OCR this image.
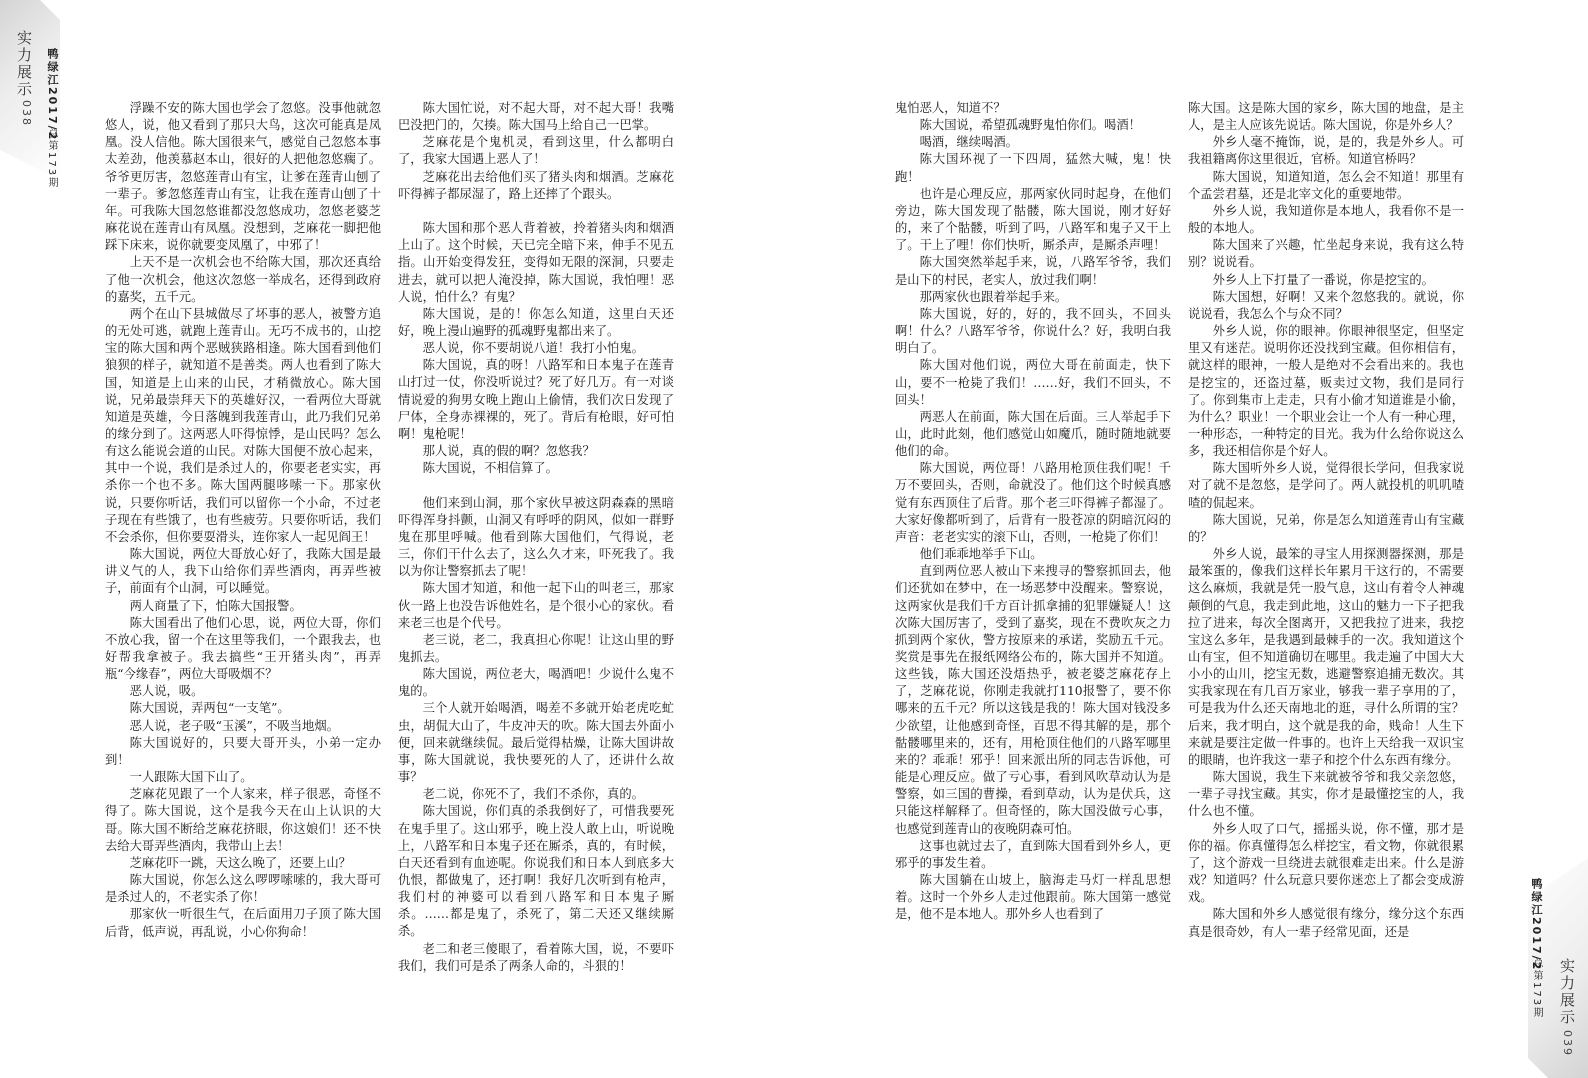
实力展示
038 鸭绿江2017/2
总第173期

浮躁不安的陈大国也学会了忽悠。没事他就忽悠人，说，他又看到了那只大鸟，这次可能真是凤凰。没人信他。陈大国很来气，感觉自己忽悠本事太差劲，他羡慕赵本山，很好的人把他忽悠瘸了。爷爷更厉害，忽悠莲青山有宝，让爹在莲青山刨了一辈子。爹忽悠莲青山有宝，让我在莲青山刨了十年。可我陈大国忽悠谁都没忽悠成功，忽悠老婆芝麻花说在莲青山有凤凰。没想到，芝麻花一脚把他踩下床来，说你就要变凤凰了，中邪了！

上天不是一次机会也不给陈大国，那次还真给了他一次机会，他这次忽悠一举成名，还得到政府的嘉奖，五千元。

两个在山下县城做尽了坏事的恶人，被警方追的无处可逃，就跑上莲青山。无巧不成书的，山挖宝的陈大国和两个恶贼狭路相逢。陈大国看到他们狼狈的样子，就知道不是善类。两人也看到了陈大国，知道是上山来的山民，才稍微放心。陈大国说，兄弟最崇拜天下的英雄好汉，一看两位大哥就知道是英雄，今日落魄到我莲青山，此乃我们兄弟的缘分到了。这两恶人吓得惊悸，是山民吗？怎么有这么能说会道的山民。对陈大国便不放心起来，其中一个说，我们是杀过人的，你要老老实实，再杀你一个也不多。陈大国两腿哆嗦一下。那家伙说，只要你听话，我们可以留你一个小命，不过老子现在有些饿了，也有些疲劳。只要你听话，我们不会杀你，但你要耍滑头，连你家人一起见阎王！

陈大国说，两位大哥放心好了，我陈大国是最讲义气的人，我下山给你们弄些酒肉，再弄些被子，前面有个山洞，可以睡觉。

两人商量了下，怕陈大国报警。

陈大国看出了他们心思，说，两位大哥，你们不放心我，留一个在这里等我们，一个跟我去，也好帮我拿被子。我去搞些“王开猪头肉”，再弄瓶“今缘春”，两位大哥吸烟不？

恶人说，吸。

陈大国说，弄两包“一支笔”。

恶人说，老子吸“玉溪”，不吸当地烟。

陈大国说好的，只要大哥开头，小弟一定办到！

一人跟陈大国下山了。

芝麻花见跟了一个人家来，样子很恶，奇怪不得了。陈大国说，这个是我今天在山上认识的大哥。陈大国不断给芝麻花挤眼，你这娘们！还不快去给大哥弄些酒肉，我带山上去！

芝麻花吓一跳，天这么晚了，还要上山？

陈大国说，你怎么这么啰啰嗦嗦的，我大哥可是杀过人的，不老实杀了你！

那家伙一听很生气，在后面用刀子顶了陈大国后背，低声说，再乱说，小心你狗命！

陈大国忙说，对不起大哥，对不起大哥！我嘴巴没把门的，欠揍。陈大国马上给自己一巴掌。

芝麻花是个鬼机灵，看到这里，什么都明白了，我家大国遇上恶人了！

芝麻花出去给他们买了猪头肉和烟酒。芝麻花吓得裤子都尿湿了，路上还摔了个跟头。

陈大国和那个恶人背着被，拎着猪头肉和烟酒上山了。这个时候，天已完全暗下来，伸手不见五指。山开始变得发狂，变得如无限的深洞，只要走进去，就可以把人淹没掉，陈大国说，我怕哩！恶人说，怕什么？有鬼？

陈大国说，是的！你怎么知道，这里白天还好，晚上漫山遍野的孤魂野鬼都出来了。

恶人说，你不要胡说八道！我打小怕鬼。

陈大国说，真的呀！八路军和日本鬼子在莲青山打过一仗，你没听说过？死了好几万。有一对谈情说爱的狗男女晚上跑山上偷情，我们次日发现了尸体，全身赤裸裸的，死了。背后有枪眼，好可怕啊！鬼枪呢！

那人说，真的假的啊？忽悠我？

陈大国说，不相信算了。

他们来到山洞，那个家伙早被这阴森森的黑暗吓得浑身抖颤，山洞又有呼呼的阴风，似如一群野鬼在那里呼喊。他看到陈大国他们，气得说，老三，你们干什么去了，这么久才来，吓死我了。我以为你让警察抓去了呢！

陈大国才知道，和他一起下山的叫老三，那家伙一路上也没告诉他姓名，是个很小心的家伙。看来老三也是个代号。

老三说，老二，我真担心你呢！让这山里的野鬼抓去。

陈大国说，两位老大，喝酒吧！少说什么鬼不鬼的。

三个人就开始喝酒，喝差不多就开始老虎吃虻虫，胡侃大山了，牛皮冲天的吹。陈大国去外面小便，回来就继续侃。最后觉得枯燥，让陈大国讲故事，陈大国就说，我快要死的人了，还讲什么故事？

老二说，你死不了，我们不杀你，真的。

陈大国说，你们真的杀我倒好了，可惜我要死在鬼手里了。这山邪乎，晚上没人敢上山，听说晚上，八路军和日本鬼子还在厮杀，真的，有时候，白天还看到有血迹呢。你说我们和日本人到底多大仇恨，都做鬼了，还打啊！我好几次听到有枪声，我们村的神婆可以看到八路军和日本鬼子厮杀。……都是鬼了，杀死了，第二天还又继续厮杀。

老二和老三傻眼了，看着陈大国，说，不要吓我们，我们可是杀了两条人命的，斗狠的！	实力展示
039
鸭绿江2017/2
总第173期

鬼怕恶人，知道不？

陈大国说，希望孤魂野鬼怕你们。喝酒！

喝酒，继续喝酒。

陈大国环视了一下四周，猛然大喊，鬼！快跑！

也许是心理反应，那两家伙同时起身，在他们旁边，陈大国发现了骷髅，陈大国说，刚才好好的，来了个骷髅，听到了吗，八路军和鬼子又干上了。干上了哩！你们快听，厮杀声，是厮杀声哩！

陈大国突然举起手来，说，八路军爷爷，我们是山下的村民，老实人，放过我们啊！

那两家伙也跟着举起手来。

陈大国说，好的，好的，我不回头，不回头啊！什么？八路军爷爷，你说什么？好，我明白我明白了。

陈大国对他们说，两位大哥在前面走，快下山，要不一枪毙了我们！……好，我们不回头，不回头！

两恶人在前面，陈大国在后面。三人举起手下山，此时此刻，他们感觉山如魔爪，随时随地就要他们的命。

陈大国说，两位哥！八路用枪顶住我们呢！千万不要回头，否则，命就没了。他们这个时候真感觉有东西顶住了后背。那个老三吓得裤子都湿了。大家好像都听到了，后背有一股苍凉的阴暗沉闷的声音：老老实实的滚下山，否则，一枪毙了你们！

他们乖乖地举手下山。

直到两位恶人被山下来搜寻的警察抓回去，他们还犹如在梦中，在一场恶梦中没醒来。警察说，这两家伙是我们千方百计抓拿捕的犯罪嫌疑人！这次陈大国厉害了，受到了嘉奖，现在不费吹灰之力抓到两个家伙，警方按原来的承诺，奖励五千元。奖赏是事先在报纸网络公布的，陈大国并不知道。这些钱，陈大国还没焐热乎，被老婆芝麻花存上了，芝麻花说，你刚走我就打110报警了，要不你哪来的五千元？所以这钱是我的！陈大国对钱没多少欲望，让他感到奇怪，百思不得其解的是，那个骷髅哪里来的，还有，用枪顶住他们的八路军哪里来的？乖乖！邪乎！回来派出所的同志告诉他，可能是心理反应。做了亏心事，看到风吹草动认为是警察，如三国的曹操，看到草动，认为是伏兵，这只能这样解释了。但奇怪的，陈大国没做亏心事，也感觉到莲青山的夜晚阴森可怕。

这事也就过去了，直到陈大国看到外乡人，更邪乎的事发生着。

陈大国躺在山坡上，脑海走马灯一样乱思想着。这时一个外乡人走过他跟前。陈大国第一感觉是，他不是本地人。那外乡人也看到了

陈大国。这是陈大国的家乡，陈大国的地盘，是主人，是主人应该先说话。陈大国说，你是外乡人？

外乡人毫不掩饰，说，是的，我是外乡人。可我祖籍离你这里很近，官桥。知道官桥吗？

陈大国说，知道知道，怎么会不知道！那里有个孟尝君墓，还是北宰文化的重要地带。

外乡人说，我知道你是本地人，我看你不是一般的本地人。

陈大国来了兴趣，忙坐起身来说，我有这么特别？说说看。

外乡人上下打量了一番说，你是挖宝的。

陈大国想，好啊！又来个忽悠我的。就说，你说说看，我怎么个与众不同？

外乡人说，你的眼神。你眼神很坚定，但坚定里又有迷茫。说明你还没找到宝藏。但你相信有，就这样的眼神，一般人是绝对不会看出来的。我也是挖宝的，还盗过墓，贩卖过文物，我们是同行了。你到集市上走走，只有小偷才知道谁是小偷，为什么？职业！一个职业会让一个人有一种心理，一种形态，一种特定的目光。我为什么给你说这么多，我还相信你是个好人。

陈大国听外乡人说，觉得很长学问，但我家说对了就不是忽悠，是学问了。两人就投机的叽叽喳喳的侃起来。

陈大国说，兄弟，你是怎么知道莲青山有宝藏的？

外乡人说，最笨的寻宝人用探测器探测，那是最笨蛋的，像我们这样长年累月干这行的，不需要这么麻烦，我就是凭一股气息，这山有着令人神魂颠倒的气息，我走到此地，这山的魅力一下子把我拉了进来，每次全图离开，又把我拉了进来，我挖宝这么多年，是我遇到最棘手的一次。我知道这个山有宝，但不知道确切在哪里。我走遍了中国大大小小的山川，挖宝无数，逃避警察追捕无数次。其实我家现在有几百万家业，够我一辈子享用的了，可是我为什么还天南地北的逛，寻什么所谓的宝？后来，我才明白，这个就是我的命，贱命！人生下来就是要注定做一件事的。也许上天给我一双识宝的眼睛，也许我这一辈子和挖个什么东西有缘分。

陈大国说，我生下来就被爷爷和我父亲忽悠，一辈子寻找宝藏。其实，你才是最懂挖宝的人，我什么也不懂。

外乡人叹了口气，摇摇头说，你不懂，那才是你的福。你真懂得怎么样挖宝，看文物，你就很累了，这个游戏一旦绕进去就很难走出来。什么是游戏？知道吗？什么玩意只要你迷恋上了都会变成游戏。

陈大国和外乡人感觉很有缘分，缘分这个东西真是很奇妙，有人一辈子经常见面，还是
